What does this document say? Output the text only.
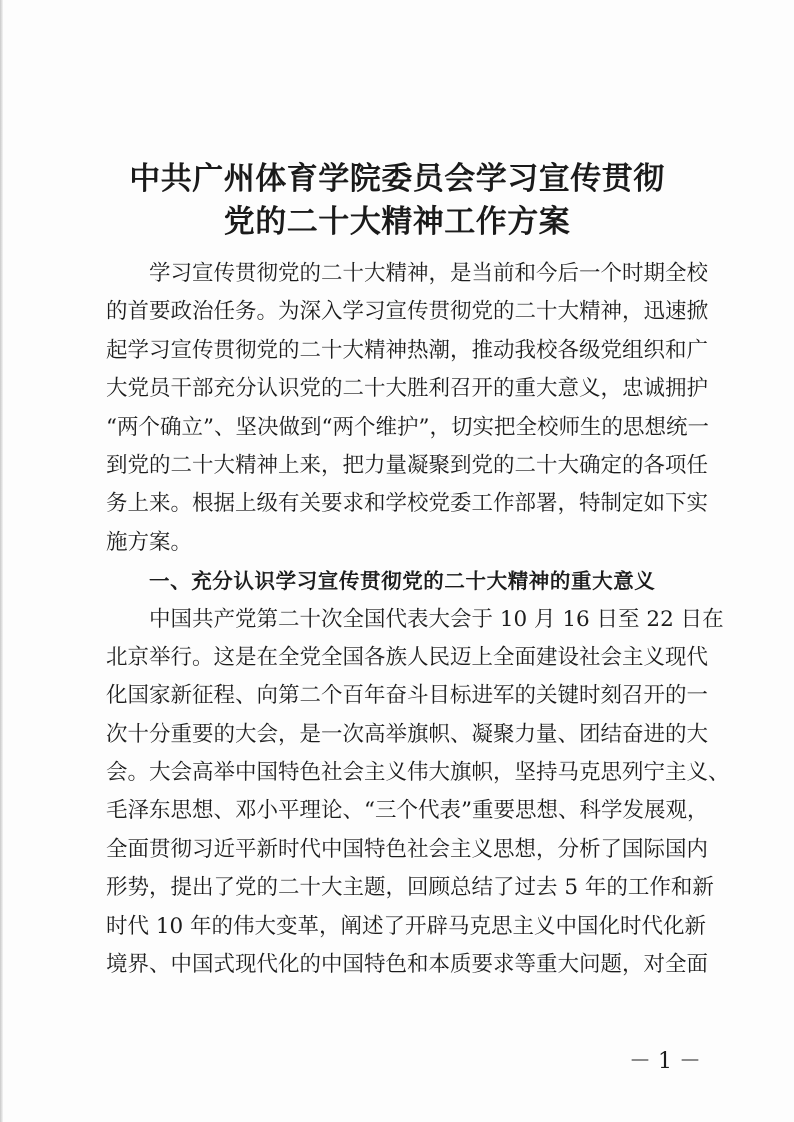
中共广州体育学院委员会学习宣传贯彻
党的二十大精神工作方案
学习宣传贯彻党的二十大精神，是当前和今后一个时期全校
的首要政治任务。为深入学习宣传贯彻党的二十大精神，迅速掀
起学习宣传贯彻党的二十大精神热潮，推动我校各级党组织和广
大党员干部充分认识党的二十大胜利召开的重大意义，忠诚拥护
“两个确立”、坚决做到“两个维护”，切实把全校师生的思想统一
到党的二十大精神上来，把力量凝聚到党的二十大确定的各项任
务上来。根据上级有关要求和学校党委工作部署，特制定如下实
施方案。
一、充分认识学习宣传贯彻党的二十大精神的重大意义
中国共产党第二十次全国代表大会于 10 月 16 日至 22 日在
北京举行。这是在全党全国各族人民迈上全面建设社会主义现代
化国家新征程、向第二个百年奋斗目标进军的关键时刻召开的一
次十分重要的大会，是一次高举旗帜、凝聚力量、团结奋进的大
会。大会高举中国特色社会主义伟大旗帜，坚持马克思列宁主义、
毛泽东思想、邓小平理论、“三个代表”重要思想、科学发展观，
全面贯彻习近平新时代中国特色社会主义思想，分析了国际国内
形势，提出了党的二十大主题，回顾总结了过去 5 年的工作和新
时代 10 年的伟大变革，阐述了开辟马克思主义中国化时代化新
境界、中国式现代化的中国特色和本质要求等重大问题，对全面
－ 1 －
